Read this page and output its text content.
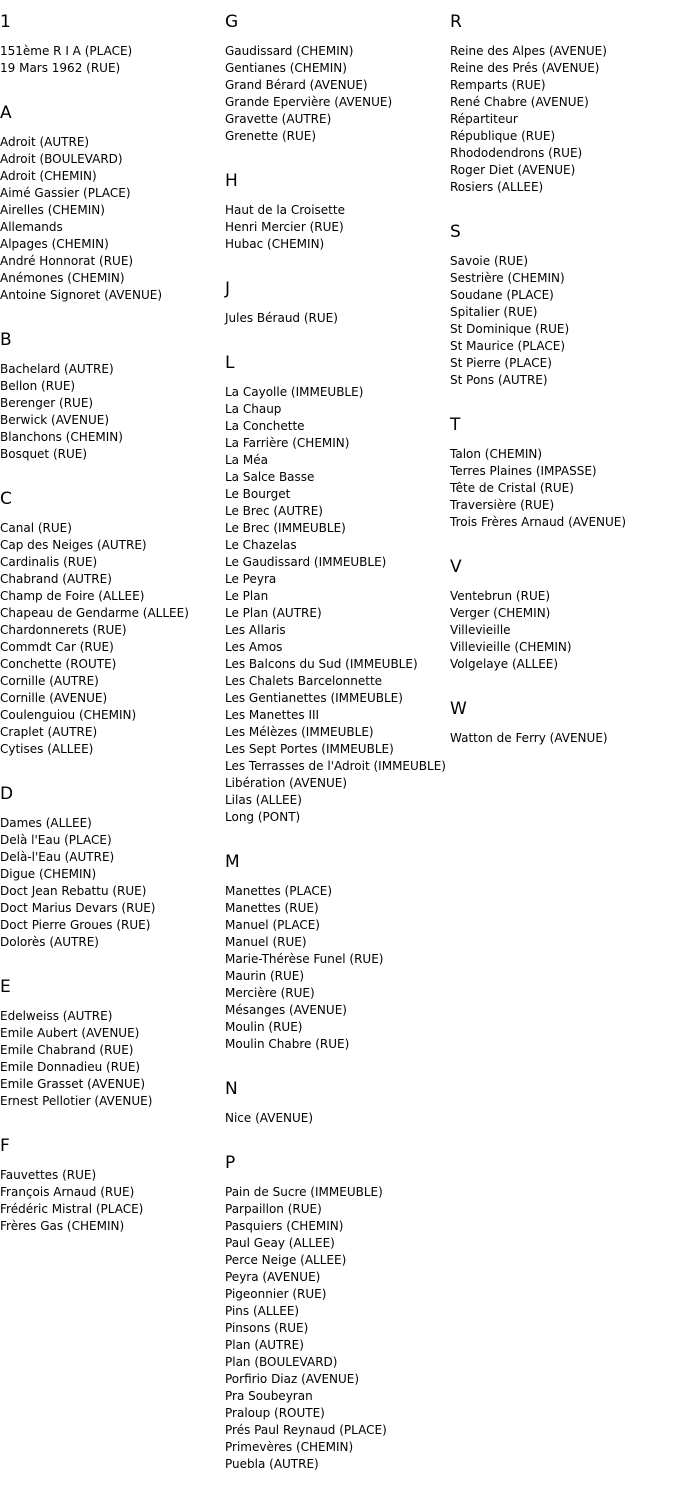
1
151ème R I A (PLACE)
19 Mars 1962 (RUE)
A
Adroit (AUTRE)
Adroit (BOULEVARD)
Adroit (CHEMIN)
Aimé Gassier (PLACE)
Airelles (CHEMIN)
Allemands
Alpages (CHEMIN)
André Honnorat (RUE)
Anémones (CHEMIN)
Antoine Signoret (AVENUE)
B
Bachelard (AUTRE)
Bellon (RUE)
Berenger (RUE)
Berwick (AVENUE)
Blanchons (CHEMIN)
Bosquet (RUE)
C
Canal (RUE)
Cap des Neiges (AUTRE)
Cardinalis (RUE)
Chabrand (AUTRE)
Champ de Foire (ALLEE)
Chapeau de Gendarme (ALLEE)
Chardonnerets (RUE)
Commdt Car (RUE)
Conchette (ROUTE)
Cornille (AUTRE)
Cornille (AVENUE)
Coulenguiou (CHEMIN)
Craplet (AUTRE)
Cytises (ALLEE)
D
Dames (ALLEE)
Delà l'Eau (PLACE)
Delà-l'Eau (AUTRE)
Digue (CHEMIN)
Doct Jean Rebattu (RUE)
Doct Marius Devars (RUE)
Doct Pierre Groues (RUE)
Dolorès (AUTRE)
E
Edelweiss (AUTRE)
Emile Aubert (AVENUE)
Emile Chabrand (RUE)
Emile Donnadieu (RUE)
Emile Grasset (AVENUE)
Ernest Pellotier (AVENUE)
F
Fauvettes (RUE)
François Arnaud (RUE)
Frédéric Mistral (PLACE)
Frères Gas (CHEMIN)
G
Gaudissard (CHEMIN)
Gentianes (CHEMIN)
Grand Bérard (AVENUE)
Grande Epervière (AVENUE)
Gravette (AUTRE)
Grenette (RUE)
H
Haut de la Croisette
Henri Mercier (RUE)
Hubac (CHEMIN)
J
Jules Béraud (RUE)
L
La Cayolle (IMMEUBLE)
La Chaup
La Conchette
La Farrière (CHEMIN)
La Méa
La Salce Basse
Le Bourget
Le Brec (AUTRE)
Le Brec (IMMEUBLE)
Le Chazelas
Le Gaudissard (IMMEUBLE)
Le Peyra
Le Plan
Le Plan (AUTRE)
Les Allaris
Les Amos
Les Balcons du Sud (IMMEUBLE)
Les Chalets Barcelonnette
Les Gentianettes (IMMEUBLE)
Les Manettes III
Les Mélèzes (IMMEUBLE)
Les Sept Portes (IMMEUBLE)
Les Terrasses de l'Adroit (IMMEUBLE)
Libération (AVENUE)
Lilas (ALLEE)
Long (PONT)
M
Manettes (PLACE)
Manettes (RUE)
Manuel (PLACE)
Manuel (RUE)
Marie-Thérèse Funel (RUE)
Maurin (RUE)
Mercière (RUE)
Mésanges (AVENUE)
Moulin (RUE)
Moulin Chabre (RUE)
N
Nice (AVENUE)
P
Pain de Sucre (IMMEUBLE)
Parpaillon (RUE)
Pasquiers (CHEMIN)
Paul Geay (ALLEE)
Perce Neige (ALLEE)
Peyra (AVENUE)
Pigeonnier (RUE)
Pins (ALLEE)
Pinsons (RUE)
Plan (AUTRE)
Plan (BOULEVARD)
Porfirio Diaz (AVENUE)
Pra Soubeyran
Praloup (ROUTE)
Prés Paul Reynaud (PLACE)
Primevères (CHEMIN)
Puebla (AUTRE)
R
Reine des Alpes (AVENUE)
Reine des Prés (AVENUE)
Remparts (RUE)
René Chabre (AVENUE)
Répartiteur
République (RUE)
Rhododendrons (RUE)
Roger Diet (AVENUE)
Rosiers (ALLEE)
S
Savoie (RUE)
Sestrière (CHEMIN)
Soudane (PLACE)
Spitalier (RUE)
St Dominique (RUE)
St Maurice (PLACE)
St Pierre (PLACE)
St Pons (AUTRE)
T
Talon (CHEMIN)
Terres Plaines (IMPASSE)
Tête de Cristal (RUE)
Traversière (RUE)
Trois Frères Arnaud (AVENUE)
V
Ventebrun (RUE)
Verger (CHEMIN)
Villevieille
Villevieille (CHEMIN)
Volgelaye (ALLEE)
W
Watton de Ferry (AVENUE)
